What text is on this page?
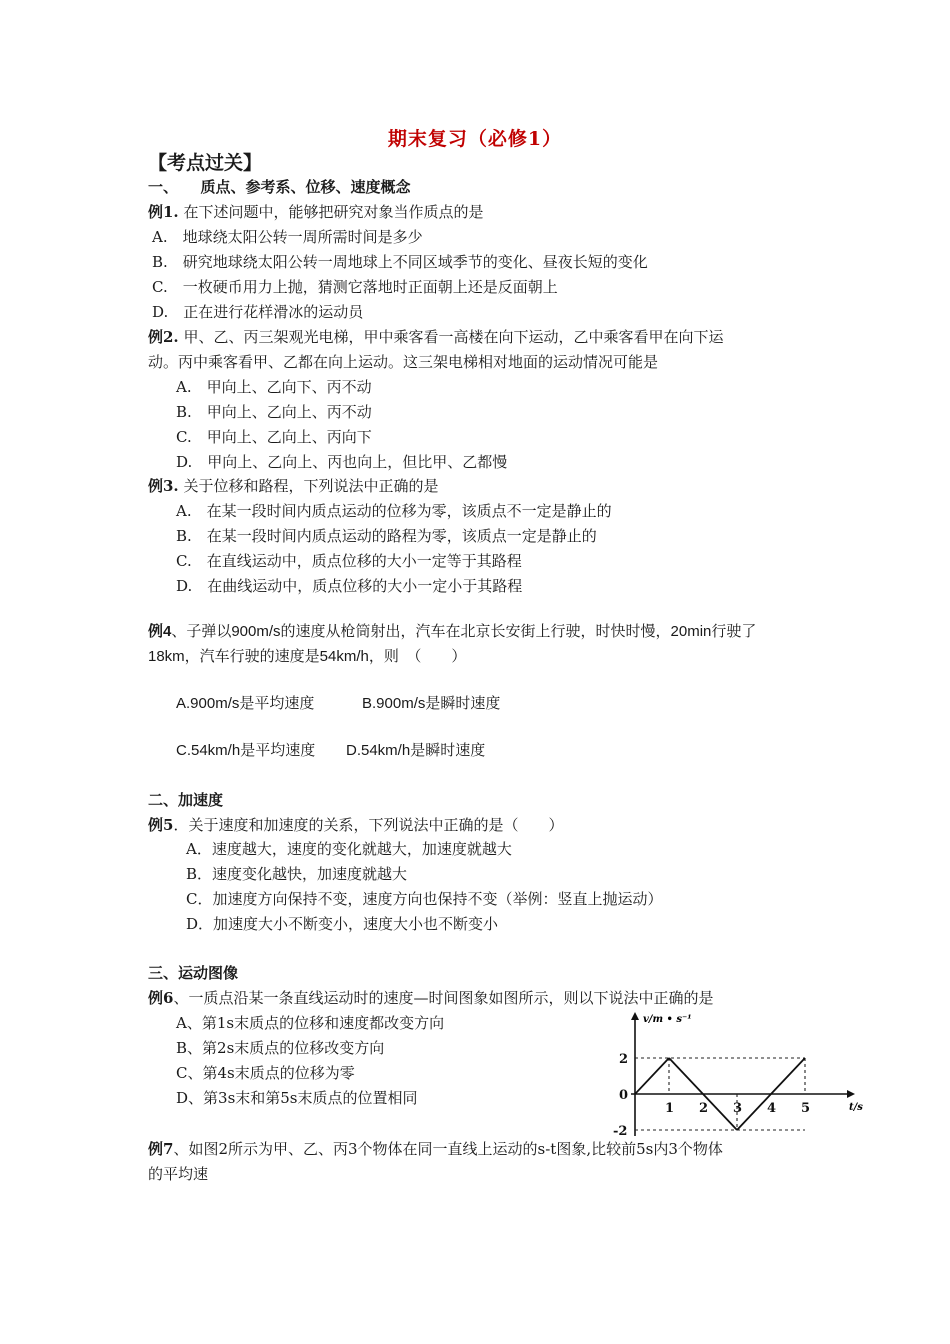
期末复习（必修1）
【考点过关】
一、　　质点、参考系、位移、速度概念
例1. 在下述问题中，能够把研究对象当作质点的是
A.　地球绕太阳公转一周所需时间是多少
B.　研究地球绕太阳公转一周地球上不同区域季节的变化、昼夜长短的变化
C.　一枚硬币用力上抛，猜测它落地时正面朝上还是反面朝上
D.　正在进行花样滑冰的运动员
例2. 甲、乙、丙三架观光电梯，甲中乘客看一高楼在向下运动，乙中乘客看甲在向下运
动。丙中乘客看甲、乙都在向上运动。这三架电梯相对地面的运动情况可能是
A.　甲向上、乙向下、丙不动
B.　甲向上、乙向上、丙不动
C.　甲向上、乙向上、丙向下
D.　甲向上、乙向上、丙也向上，但比甲、乙都慢
例3. 关于位移和路程，下列说法中正确的是
A.　在某一段时间内质点运动的位移为零，该质点不一定是静止的
B.　在某一段时间内质点运动的路程为零，该质点一定是静止的
C.　在直线运动中，质点位移的大小一定等于其路程
D.　在曲线运动中，质点位移的大小一定小于其路程
例4、子弹以900m/s的速度从枪筒射出，汽车在北京长安街上行驶，时快时慢，20min行驶了
18km，汽车行驶的速度是54km/h，则　（　　）
A.900m/s是平均速度	B.900m/s是瞬时速度
C.54km/h是平均速度 D.54km/h是瞬时速度
二、加速度
例5．关于速度和加速度的关系，下列说法中正确的是（　　）
A．速度越大，速度的变化就越大，加速度就越大
B．速度变化越快，加速度就越大
C．加速度方向保持不变，速度方向也保持不变（举例：竖直上抛运动）
D．加速度大小不断变小，速度大小也不断变小
三、运动图像
例6、一质点沿某一条直线运动时的速度—时间图象如图所示，则以下说法中正确的是
A、第1s末质点的位移和速度都改变方向
B、第2s末质点的位移改变方向
C、第4s末质点的位移为零
D、第3s末和第5s末质点的位置相同
1 2 3 4 5
2
0
-2
v/m • s⁻¹
t/s
例7、如图2所示为甲、乙、丙3个物体在同一直线上运动的s-t图象,比较前5s内3个物体
的平均速
